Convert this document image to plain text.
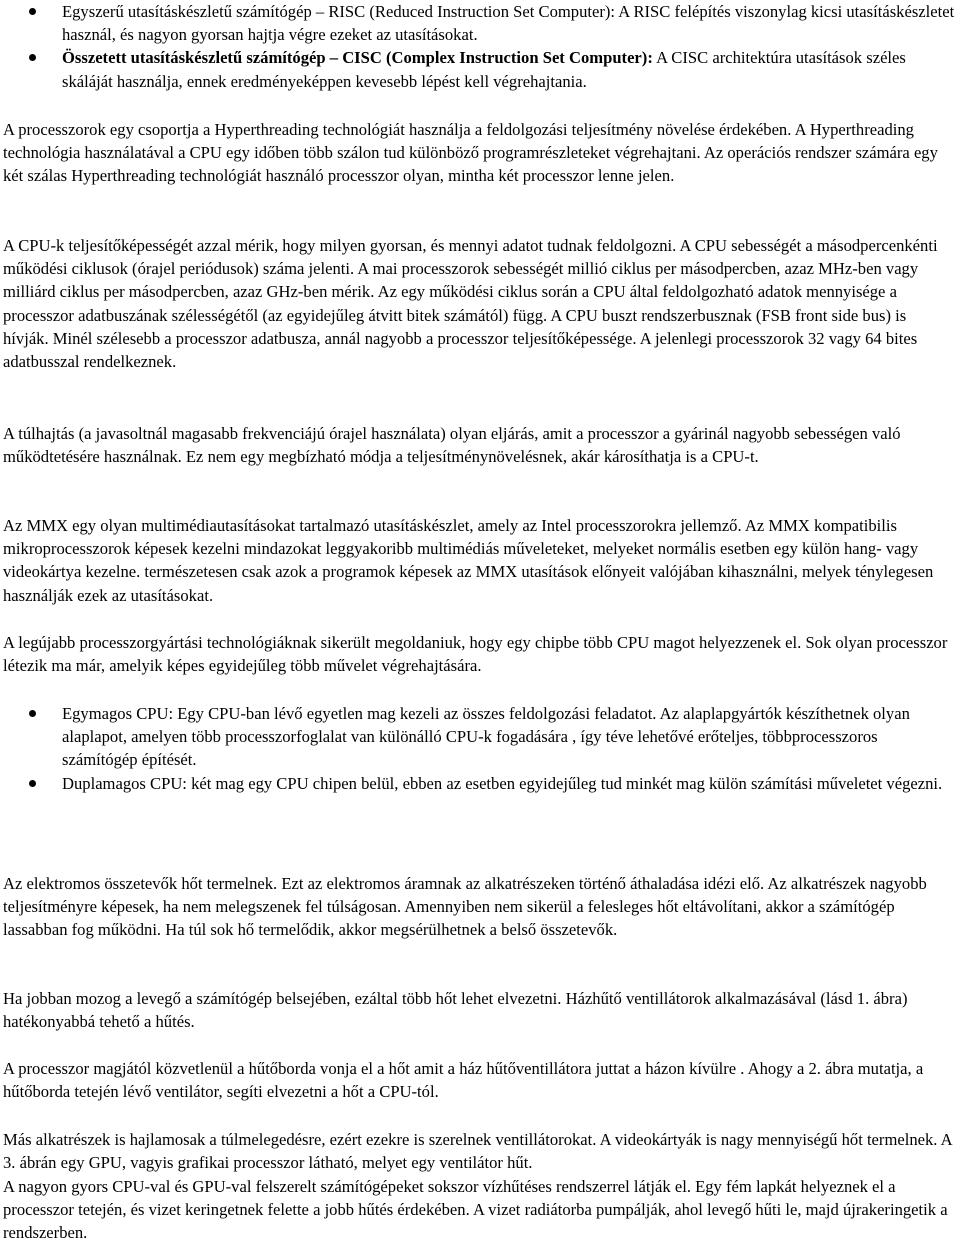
Egyszerű utasításkészletű számítógép – RISC (Reduced Instruction Set Computer): A RISC felépítés viszonylag kicsi utasításkészletet használ, és nagyon gyorsan hajtja végre ezeket az utasításokat.
Összetett utasításkészletű számítógép – CISC (Complex Instruction Set Computer): A CISC architektúra utasítások széles skáláját használja, ennek eredményeképpen kevesebb lépést kell végrehajtania.

A processzorok egy csoportja a Hyperthreading technológiát használja a feldolgozási teljesítmény növelése érdekében. A Hyperthreading technológia használatával a CPU egy időben több szálon tud különböző programrészleteket végrehajtani. Az operációs rendszer számára egy két szálas Hyperthreading technológiát használó processzor olyan, mintha két processzor lenne jelen.

A CPU-k teljesítőképességét azzal mérik, hogy milyen gyorsan, és mennyi adatot tudnak feldolgozni. A CPU sebességét a másodpercenkénti működési ciklusok (órajel periódusok) száma jelenti. A mai processzorok sebességét millió ciklus per másodpercben, azaz MHz-ben vagy milliárd ciklus per másodpercben, azaz GHz-ben mérik. Az egy működési ciklus során a CPU által feldolgozható adatok mennyisége a processzor adatbuszának szélességétől (az egyidejűleg átvitt bitek számától) függ. A CPU buszt rendszerbusznak (FSB front side bus) is hívják. Minél szélesebb a processzor adatbusza, annál nagyobb a processzor teljesítőképessége. A jelenlegi processzorok 32 vagy 64 bites adatbusszal rendelkeznek.

A túlhajtás (a javasoltnál magasabb frekvenciájú órajel használata) olyan eljárás, amit a processzor a gyárinál nagyobb sebességen való működtetésére használnak. Ez nem egy megbízható módja a teljesítménynövelésnek, akár károsíthatja is a CPU-t.

Az MMX egy olyan multimédiautasításokat tartalmazó utasításkészlet, amely az Intel processzorokra jellemző. Az MMX kompatibilis mikroprocesszorok képesek kezelni mindazokat leggyakoribb multimédiás műveleteket, melyeket normális esetben egy külön hang- vagy videokártya kezelne. természetesen csak azok a programok képesek az MMX utasítások előnyeit valójában kihasználni, melyek ténylegesen használják ezek az utasításokat.

A legújabb processzorgyártási technológiáknak sikerült megoldaniuk, hogy egy chipbe több CPU magot helyezzenek el. Sok olyan processzor létezik ma már, amelyik képes egyidejűleg több művelet végrehajtására.

Egymagos CPU: Egy CPU-ban lévő egyetlen mag kezeli az összes feldolgozási feladatot. Az alaplapgyártók készíthetnek olyan alaplapot, amelyen több processzorfoglalat van különálló CPU-k fogadására , így téve lehetővé erőteljes, többprocesszoros számítógép építését.
Duplamagos CPU: két mag egy CPU chipen belül, ebben az esetben egyidejűleg tud minkét mag külön számítási műveletet végezni.

Az elektromos összetevők hőt termelnek. Ezt az elektromos áramnak az alkatrészeken történő áthaladása idézi elő. Az alkatrészek nagyobb teljesítményre képesek, ha nem melegszenek fel túlságosan. Amennyiben nem sikerül a felesleges hőt eltávolítani, akkor a számítógép lassabban fog működni. Ha túl sok hő termelődik, akkor megsérülhetnek a belső összetevők.

Ha jobban mozog a levegő a számítógép belsejében, ezáltal több hőt lehet elvezetni. Házhűtő ventillátorok alkalmazásával (lásd 1. ábra) hatékonyabbá tehető a hűtés.

A processzor magjától közvetlenül a hűtőborda vonja el a hőt amit a ház hűtőventillátora juttat a házon kívülre . Ahogy a 2. ábra mutatja, a hűtőborda tetején lévő ventilátor, segíti elvezetni a hőt a CPU-tól.

Más alkatrészek is hajlamosak a túlmelegedésre, ezért ezekre is szerelnek ventillátorokat. A videokártyák is nagy mennyiségű hőt termelnek. A 3. ábrán egy GPU, vagyis grafikai processzor látható, melyet egy ventilátor hűt.

A nagyon gyors CPU-val és GPU-val felszerelt számítógépeket sokszor vízhűtéses rendszerrel látják el. Egy fém lapkát helyeznek el a processzor tetején, és vizet keringetnek felette a jobb hűtés érdekében. A vizet radiátorba pumpálják, ahol levegő hűti le, majd újrakeringetik a rendszerben.
